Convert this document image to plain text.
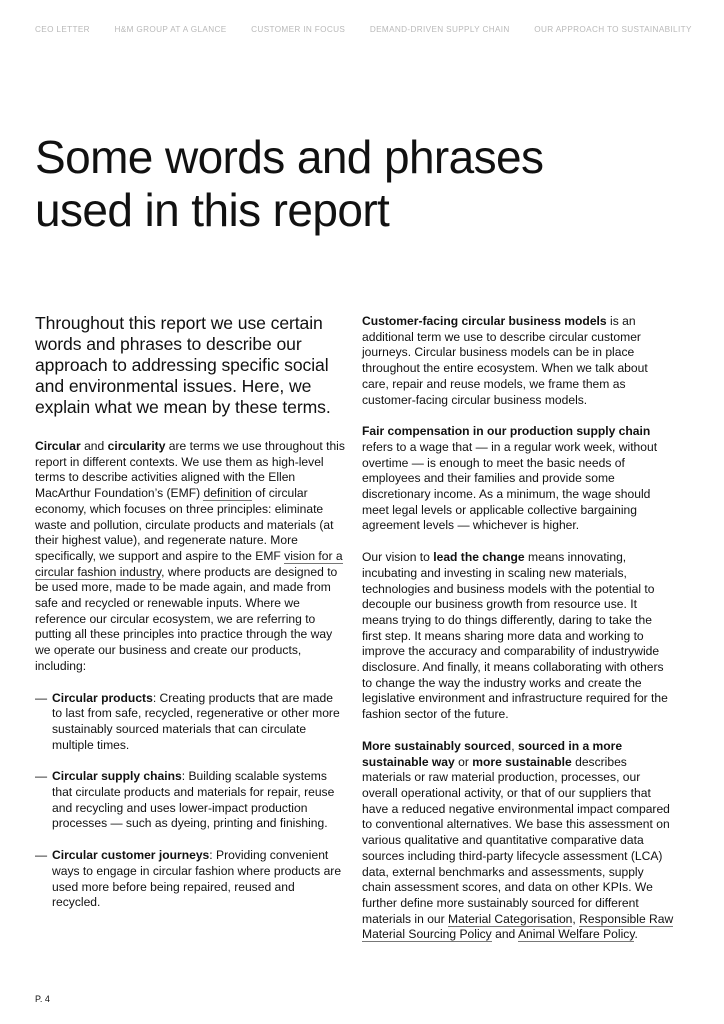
CEO LETTER	H&M GROUP AT A GLANCE	CUSTOMER IN FOCUS	DEMAND-DRIVEN SUPPLY CHAIN	OUR APPROACH TO SUSTAINABILITY
Some words and phrases
used in this report

Throughout this report we use certain words and phrases to describe our approach to addressing specific social and environmental issues. Here, we explain what we mean by these terms.

Circular and circularity are terms we use throughout this report in different contexts. We use them as high-level terms to describe activities aligned with the Ellen MacArthur Foundation’s (EMF) definition of circular economy, which focuses on three principles: eliminate waste and pollution, circulate products and materials (at their highest value), and regenerate nature. More specifically, we support and aspire to the EMF vision for a circular fashion industry, where products are designed to be used more, made to be made again, and made from safe and recycled or renewable inputs. Where we reference our circular ecosystem, we are referring to putting all these principles into practice through the way we operate our business and create our products, including:

— Circular products: Creating products that are made to last from safe, recycled, regenerative or other more sustainably sourced materials that can circulate multiple times.
— Circular supply chains: Building scalable systems that circulate products and materials for repair, reuse and recycling and uses lower-impact production processes — such as dyeing, printing and finishing.
— Circular customer journeys: Providing convenient ways to engage in circular fashion where products are used more before being repaired, reused and recycled.

Customer-facing circular business models is an additional term we use to describe circular customer journeys. Circular business models can be in place throughout the entire ecosystem. When we talk about care, repair and reuse models, we frame them as customer-facing circular business models.

Fair compensation in our production supply chain refers to a wage that — in a regular work week, without overtime — is enough to meet the basic needs of employees and their families and provide some discretionary income. As a minimum, the wage should meet legal levels or applicable collective bargaining agreement levels — whichever is higher.

Our vision to lead the change means innovating, incubating and investing in scaling new materials, technologies and business models with the potential to decouple our business growth from resource use. It means trying to do things differently, daring to take the first step. It means sharing more data and working to improve the accuracy and comparability of industrywide disclosure. And finally, it means collaborating with others to change the way the industry works and create the legislative environment and infrastructure required for the fashion sector of the future.

More sustainably sourced, sourced in a more sustainable way or more sustainable describes materials or raw material production, processes, our overall operational activity, or that of our suppliers that have a reduced negative environmental impact compared to conventional alternatives. We base this assessment on various qualitative and quantitative comparative data sources including third-party lifecycle assessment (LCA) data, external benchmarks and assessments, supply chain assessment scores, and data on other KPIs. We further define more sustainably sourced for different materials in our Material Categorisation, Responsible Raw Material Sourcing Policy and Animal Welfare Policy.

P. 4
